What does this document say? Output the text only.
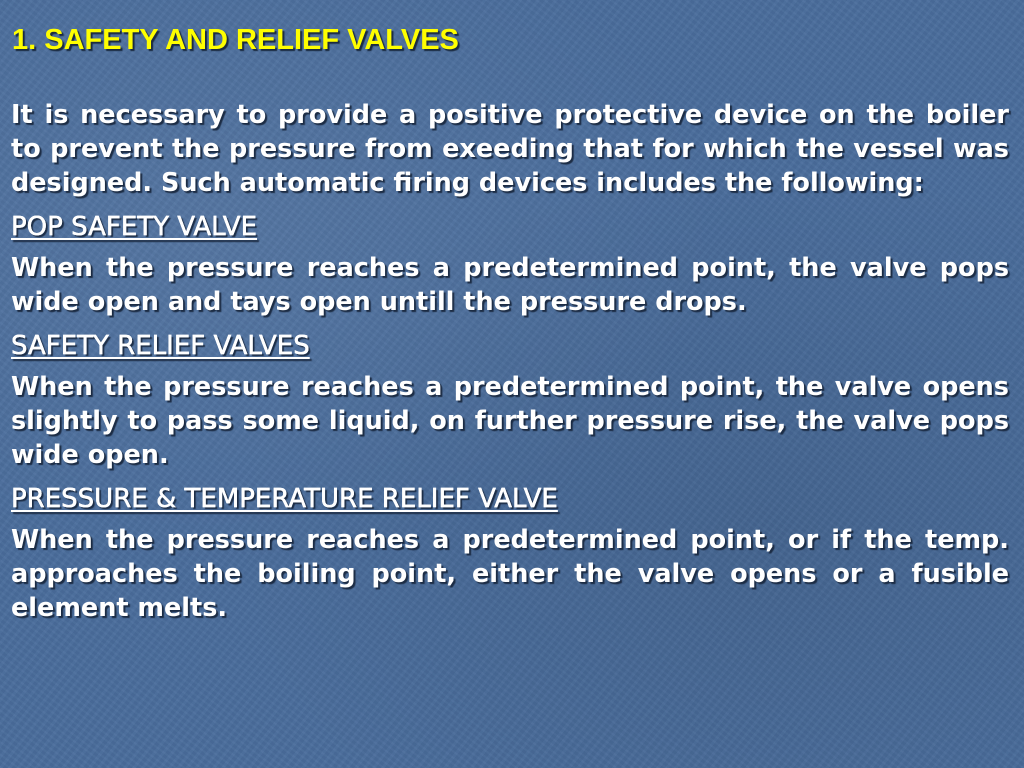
1. SAFETY AND RELIEF VALVES

It is necessary to provide a positive protective device on the boiler to prevent the pressure from exeeding that for which the vessel was designed. Such automatic firing devices includes the following:

POP SAFETY VALVE

When the pressure reaches a predetermined point, the valve pops wide open and tays open untill the pressure drops.

SAFETY RELIEF VALVES

When the pressure reaches a predetermined point, the valve opens slightly to pass some liquid, on further pressure rise, the valve pops wide open.

PRESSURE & TEMPERATURE RELIEF VALVE

When the pressure reaches a predetermined point, or if the temp. approaches the boiling point, either the valve opens or a fusible element melts.
